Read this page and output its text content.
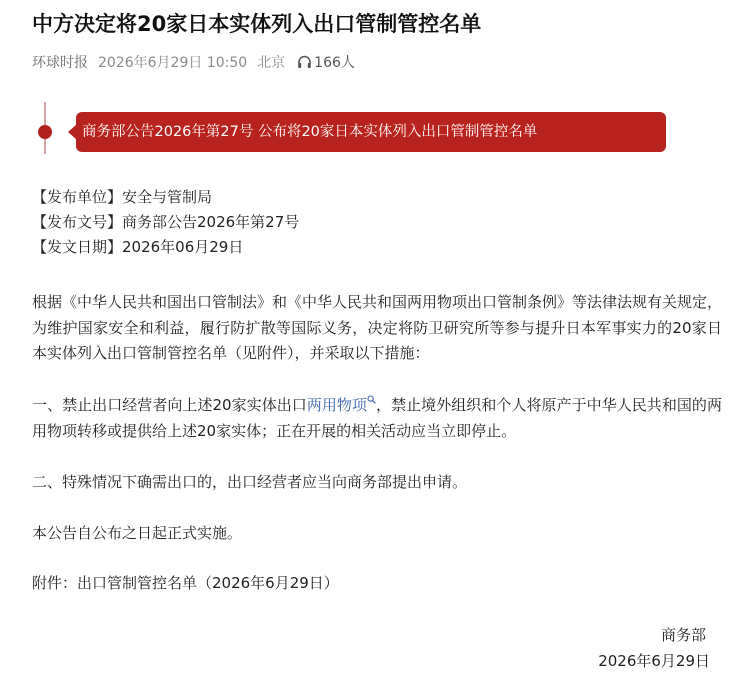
中方决定将20家日本实体列入出口管制管控名单
环球时报 2026年6月29日 10:50 北京 166人
商务部公告2026年第27号 公布将20家日本实体列入出口管制管控名单
【发布单位】安全与管制局
【发布文号】商务部公告2026年第27号
【发文日期】2026年06月29日
根据《中华人民共和国出口管制法》和《中华人民共和国两用物项出口管制条例》等法律法规有关规定，为维护国家安全和利益，履行防扩散等国际义务，决定将防卫研究所等参与提升日本军事实力的20家日本实体列入出口管制管控名单（见附件），并采取以下措施：
一、禁止出口经营者向上述20家实体出口两用物项 ，禁止境外组织和个人将原产于中华人民共和国的两用物项转移或提供给上述20家实体；正在开展的相关活动应当立即停止。
二、特殊情况下确需出口的，出口经营者应当向商务部提出申请。
本公告自公布之日起正式实施。
附件：出口管制管控名单（2026年6月29日）
商务部
2026年6月29日
